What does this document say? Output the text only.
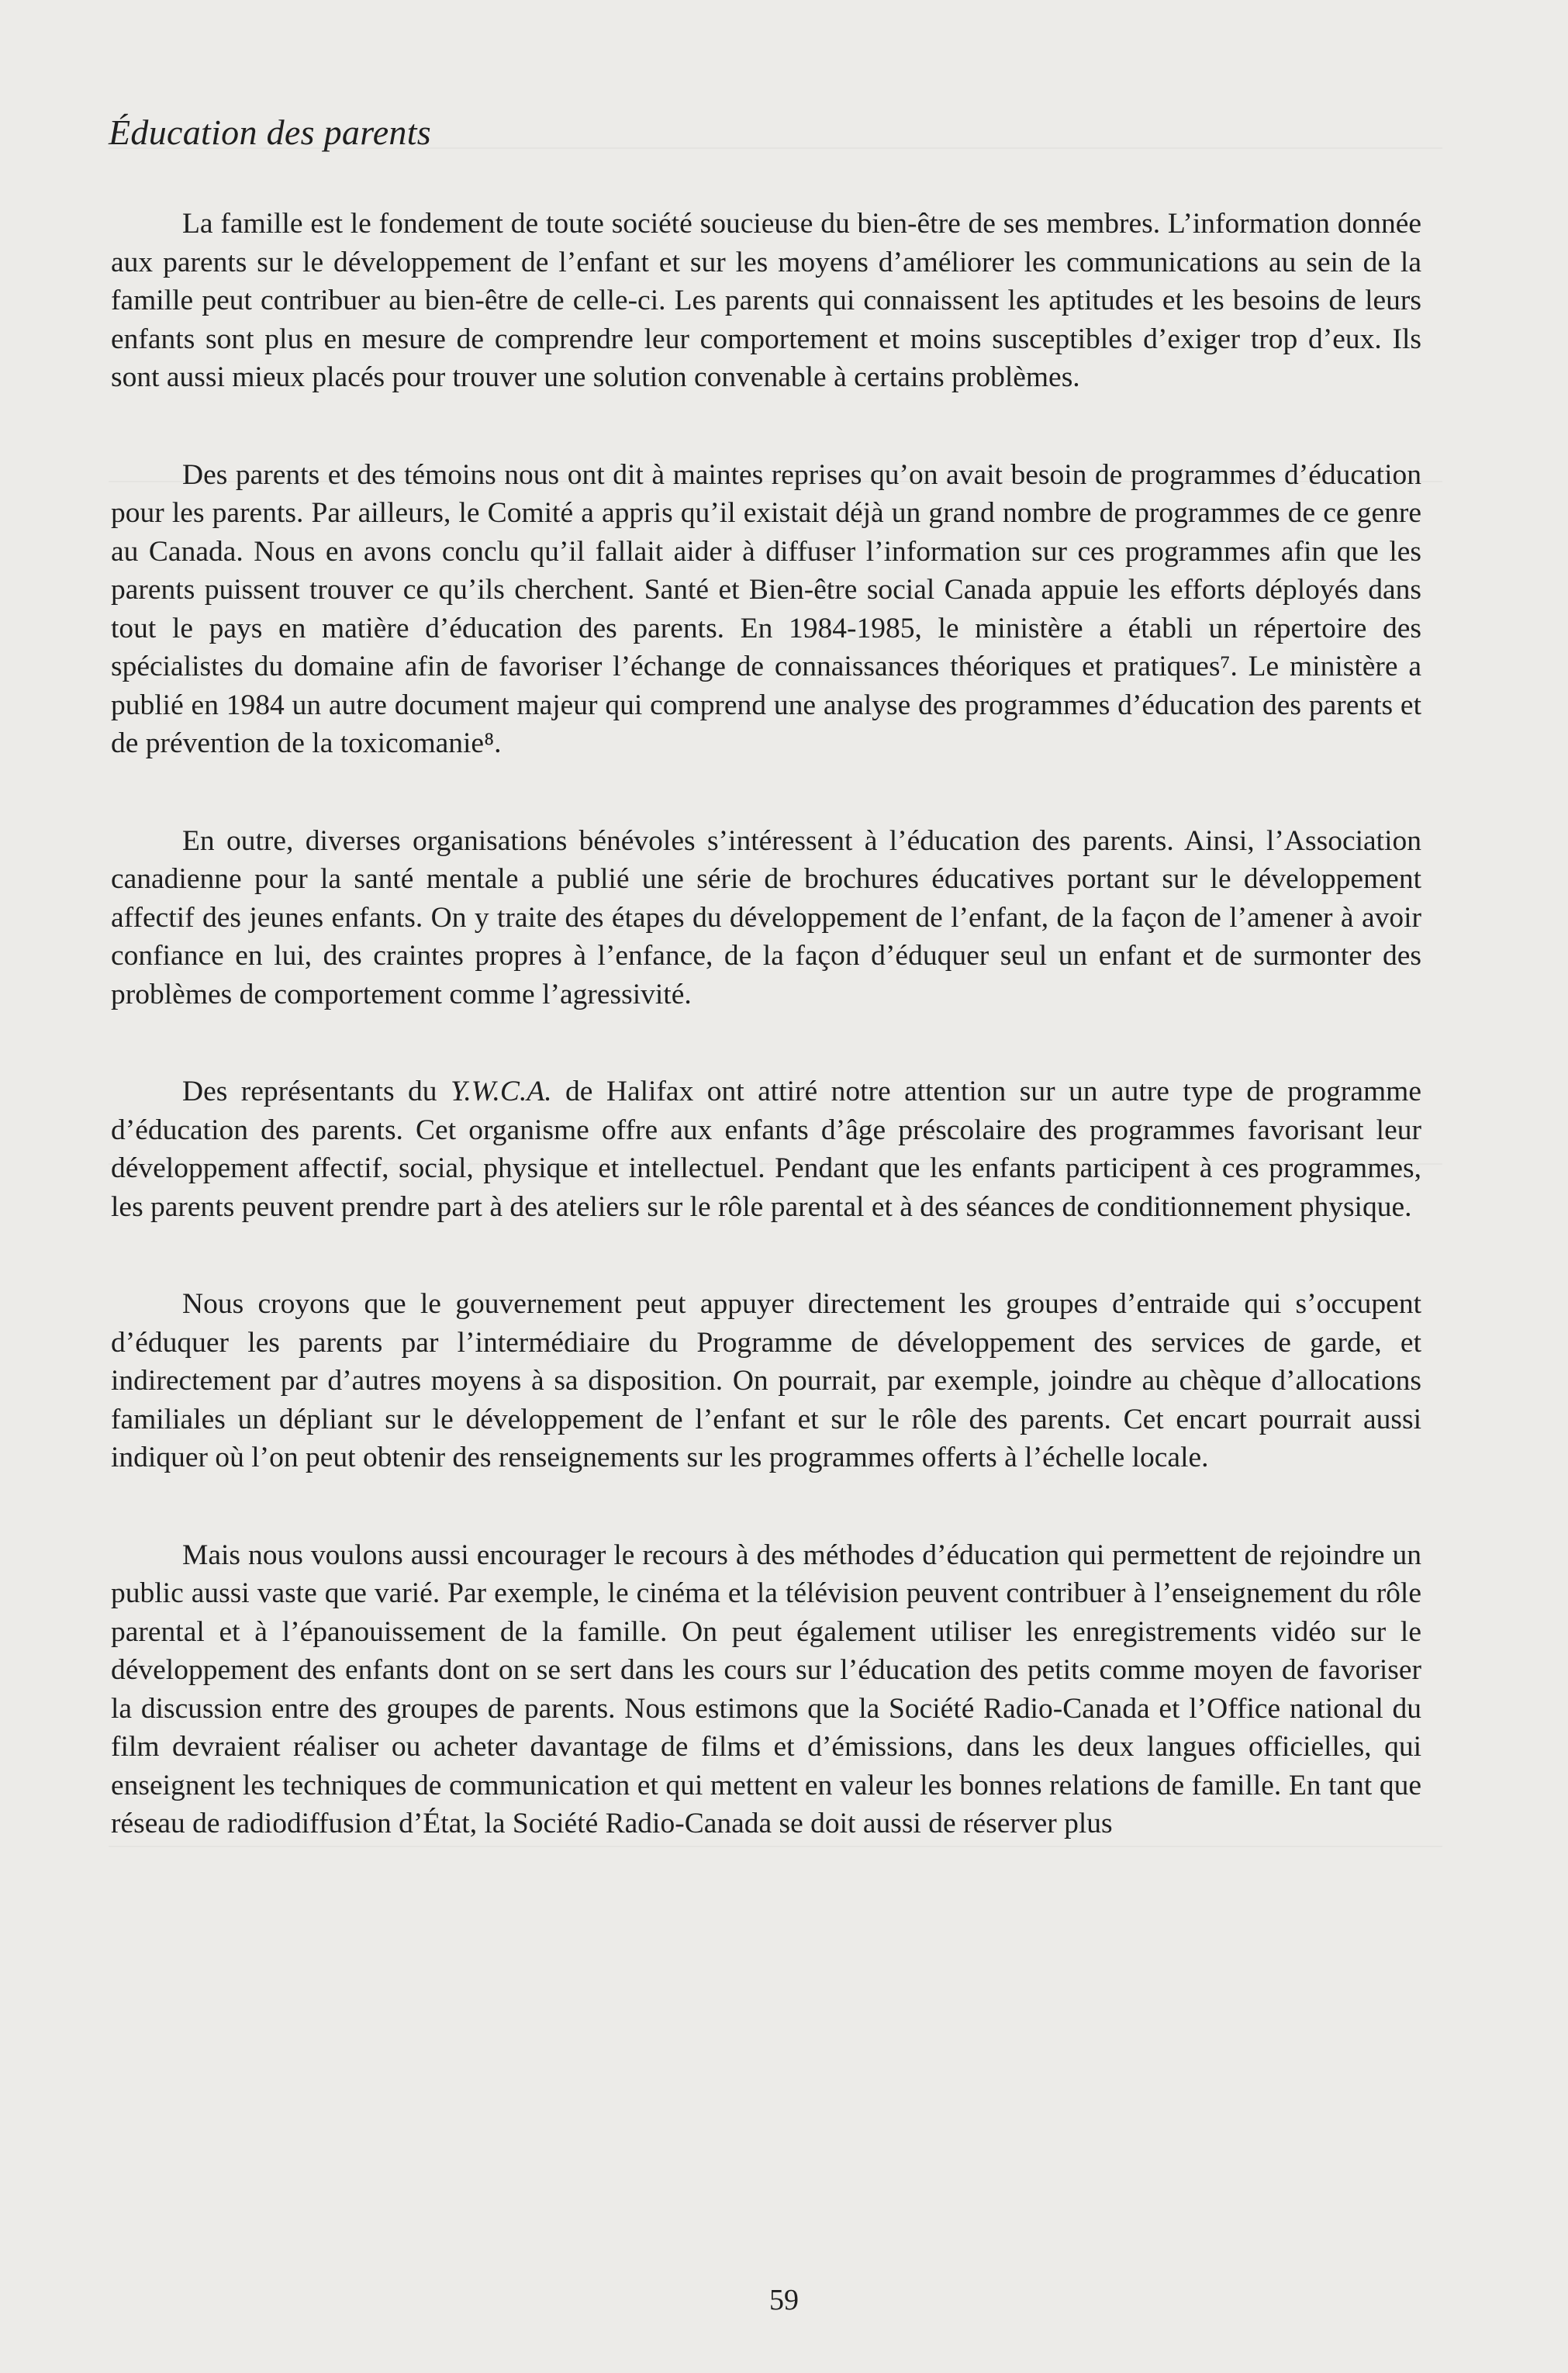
Éducation des parents

La famille est le fondement de toute société soucieuse du bien-être de ses membres. L’information donnée aux parents sur le développement de l’enfant et sur les moyens d’améliorer les communications au sein de la famille peut contribuer au bien-être de celle-ci. Les parents qui connaissent les aptitudes et les besoins de leurs enfants sont plus en mesure de comprendre leur comportement et moins susceptibles d’exiger trop d’eux. Ils sont aussi mieux placés pour trouver une solution convenable à certains problèmes.

Des parents et des témoins nous ont dit à maintes reprises qu’on avait besoin de programmes d’éducation pour les parents. Par ailleurs, le Comité a appris qu’il existait déjà un grand nombre de programmes de ce genre au Canada. Nous en avons conclu qu’il fallait aider à diffuser l’information sur ces programmes afin que les parents puissent trouver ce qu’ils cherchent. Santé et Bien-être social Canada appuie les efforts déployés dans tout le pays en matière d’éducation des parents. En 1984-1985, le ministère a établi un répertoire des spécialistes du domaine afin de favoriser l’échange de connaissances théoriques et pratiques⁷. Le ministère a publié en 1984 un autre document majeur qui comprend une analyse des programmes d’éducation des parents et de prévention de la toxicomanie⁸.

En outre, diverses organisations bénévoles s’intéressent à l’éducation des parents. Ainsi, l’Association canadienne pour la santé mentale a publié une série de brochures éducatives portant sur le développement affectif des jeunes enfants. On y traite des étapes du développement de l’enfant, de la façon de l’amener à avoir confiance en lui, des craintes propres à l’enfance, de la façon d’éduquer seul un enfant et de surmonter des problèmes de comportement comme l’agressivité.

Des représentants du Y.W.C.A. de Halifax ont attiré notre attention sur un autre type de programme d’éducation des parents. Cet organisme offre aux enfants d’âge préscolaire des programmes favorisant leur développement affectif, social, physique et intellectuel. Pendant que les enfants participent à ces programmes, les parents peuvent prendre part à des ateliers sur le rôle parental et à des séances de conditionnement physique.

Nous croyons que le gouvernement peut appuyer directement les groupes d’entraide qui s’occupent d’éduquer les parents par l’intermédiaire du Programme de développement des services de garde, et indirectement par d’autres moyens à sa disposition. On pourrait, par exemple, joindre au chèque d’allocations familiales un dépliant sur le développement de l’enfant et sur le rôle des parents. Cet encart pourrait aussi indiquer où l’on peut obtenir des renseignements sur les programmes offerts à l’échelle locale.

Mais nous voulons aussi encourager le recours à des méthodes d’éducation qui permettent de rejoindre un public aussi vaste que varié. Par exemple, le cinéma et la télévision peuvent contribuer à l’enseignement du rôle parental et à l’épanouissement de la famille. On peut également utiliser les enregistrements vidéo sur le développement des enfants dont on se sert dans les cours sur l’éducation des petits comme moyen de favoriser la discussion entre des groupes de parents. Nous estimons que la Société Radio-Canada et l’Office national du film devraient réaliser ou acheter davantage de films et d’émissions, dans les deux langues officielles, qui enseignent les techniques de communication et qui mettent en valeur les bonnes relations de famille. En tant que réseau de radiodiffusion d’État, la Société Radio-Canada se doit aussi de réserver plus

59
